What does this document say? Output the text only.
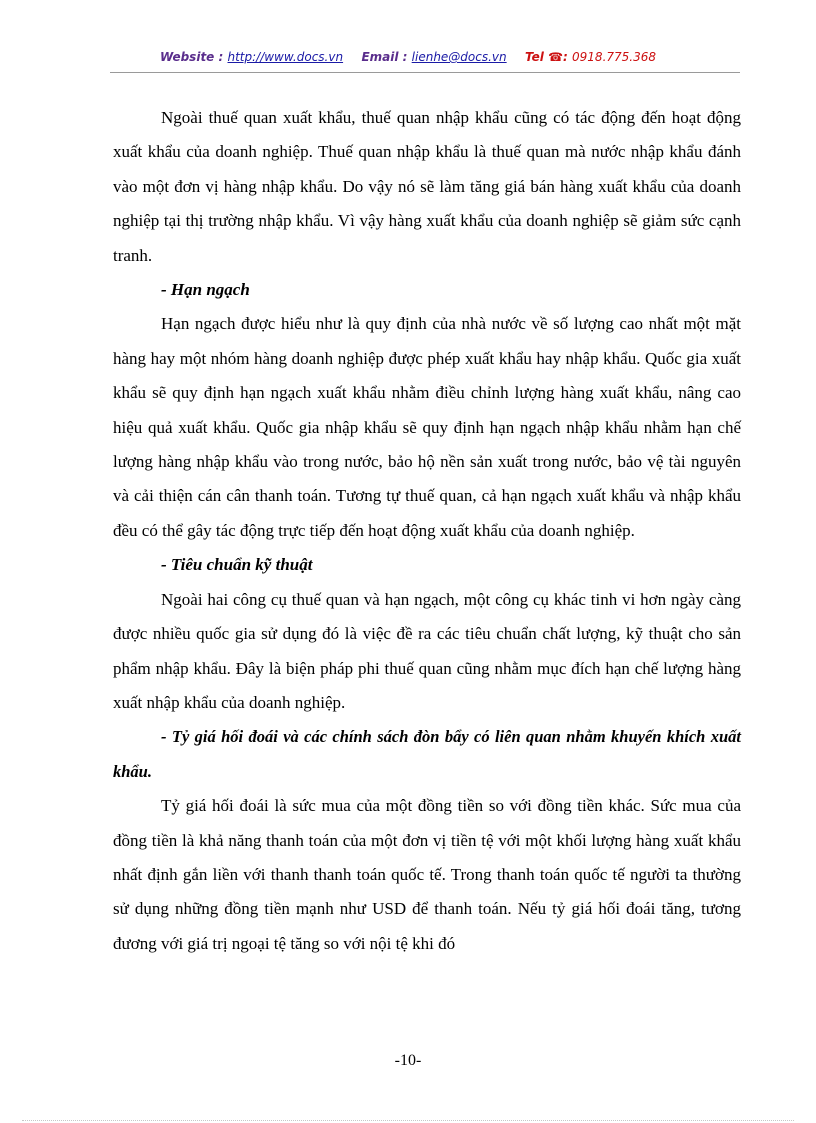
Website : http://www.docs.vn Email : lienhe@docs.vn Tel ☎: 0918.775.368

Ngoài thuế quan xuất khẩu, thuế quan nhập khẩu cũng có tác động đến hoạt động xuất khẩu của doanh nghiệp. Thuế quan nhập khẩu là thuế quan mà nước nhập khẩu đánh vào một đơn vị hàng nhập khẩu. Do vậy nó sẽ làm tăng giá bán hàng xuất khẩu của doanh nghiệp tại thị trường nhập khẩu. Vì vậy hàng xuất khẩu của doanh nghiệp sẽ giảm sức cạnh tranh.

- Hạn ngạch

Hạn ngạch được hiểu như là quy định của nhà nước về số lượng cao nhất một mặt hàng hay một nhóm hàng doanh nghiệp được phép xuất khẩu hay nhập khẩu. Quốc gia xuất khẩu sẽ quy định hạn ngạch xuất khẩu nhằm điều chỉnh lượng hàng xuất khẩu, nâng cao hiệu quả xuất khẩu. Quốc gia nhập khẩu sẽ quy định hạn ngạch nhập khẩu nhằm hạn chế lượng hàng nhập khẩu vào trong nước, bảo hộ nền sản xuất trong nước, bảo vệ tài nguyên và cải thiện cán cân thanh toán. Tương tự thuế quan, cả hạn ngạch xuất khẩu và nhập khẩu đều có thể gây tác động trực tiếp đến hoạt động xuất khẩu của doanh nghiệp.

- Tiêu chuẩn kỹ thuật

Ngoài hai công cụ thuế quan và hạn ngạch, một công cụ khác tinh vi hơn ngày càng được nhiều quốc gia sử dụng đó là việc đề ra các tiêu chuẩn chất lượng, kỹ thuật cho sản phẩm nhập khẩu. Đây là biện pháp phi thuế quan cũng nhằm mục đích hạn chế lượng hàng xuất nhập khẩu của doanh nghiệp.

- Tỷ giá hối đoái và các chính sách đòn bẩy có liên quan nhằm khuyến khích xuất khẩu.

Tỷ giá hối đoái là sức mua của một đồng tiền so với đồng tiền khác. Sức mua của đồng tiền là khả năng thanh toán của một đơn vị tiền tệ với một khối lượng hàng xuất khẩu nhất định gắn liền với thanh thanh toán quốc tế. Trong thanh toán quốc tế người ta thường sử dụng những đồng tiền mạnh như USD để thanh toán. Nếu tỷ giá hối đoái tăng, tương đương với giá trị ngoại tệ tăng so với nội tệ khi đó

-10-
